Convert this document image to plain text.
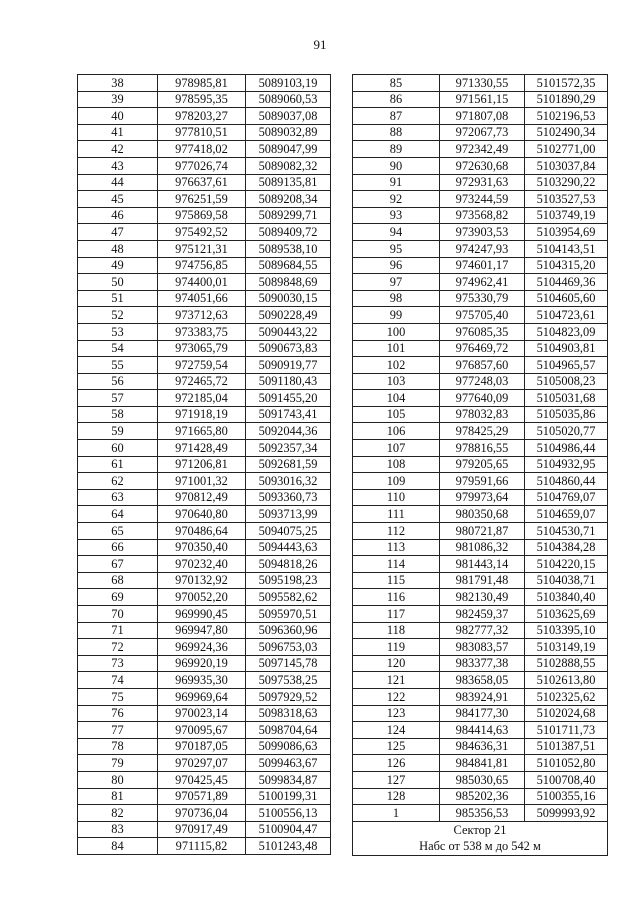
91
38	978985,81	5089103,19
39	978595,35	5089060,53
40	978203,27	5089037,08
41	977810,51	5089032,89
42	977418,02	5089047,99
43	977026,74	5089082,32
44	976637,61	5089135,81
45	976251,59	5089208,34
46	975869,58	5089299,71
47	975492,52	5089409,72
48	975121,31	5089538,10
49	974756,85	5089684,55
50	974400,01	5089848,69
51	974051,66	5090030,15
52	973712,63	5090228,49
53	973383,75	5090443,22
54	973065,79	5090673,83
55	972759,54	5090919,77
56	972465,72	5091180,43
57	972185,04	5091455,20
58	971918,19	5091743,41
59	971665,80	5092044,36
60	971428,49	5092357,34
61	971206,81	5092681,59
62	971001,32	5093016,32
63	970812,49	5093360,73
64	970640,80	5093713,99
65	970486,64	5094075,25
66	970350,40	5094443,63
67	970232,40	5094818,26
68	970132,92	5095198,23
69	970052,20	5095582,62
70	969990,45	5095970,51
71	969947,80	5096360,96
72	969924,36	5096753,03
73	969920,19	5097145,78
74	969935,30	5097538,25
75	969969,64	5097929,52
76	970023,14	5098318,63
77	970095,67	5098704,64
78	970187,05	5099086,63
79	970297,07	5099463,67
80	970425,45	5099834,87
81	970571,89	5100199,31
82	970736,04	5100556,13
83	970917,49	5100904,47
84	971115,82	5101243,48
85	971330,55	5101572,35
86	971561,15	5101890,29
87	971807,08	5102196,53
88	972067,73	5102490,34
89	972342,49	5102771,00
90	972630,68	5103037,84
91	972931,63	5103290,22
92	973244,59	5103527,53
93	973568,82	5103749,19
94	973903,53	5103954,69
95	974247,93	5104143,51
96	974601,17	5104315,20
97	974962,41	5104469,36
98	975330,79	5104605,60
99	975705,40	5104723,61
100	976085,35	5104823,09
101	976469,72	5104903,81
102	976857,60	5104965,57
103	977248,03	5105008,23
104	977640,09	5105031,68
105	978032,83	5105035,86
106	978425,29	5105020,77
107	978816,55	5104986,44
108	979205,65	5104932,95
109	979591,66	5104860,44
110	979973,64	5104769,07
111	980350,68	5104659,07
112	980721,87	5104530,71
113	981086,32	5104384,28
114	981443,14	5104220,15
115	981791,48	5104038,71
116	982130,49	5103840,40
117	982459,37	5103625,69
118	982777,32	5103395,10
119	983083,57	5103149,19
120	983377,38	5102888,55
121	983658,05	5102613,80
122	983924,91	5102325,62
123	984177,30	5102024,68
124	984414,63	5101711,73
125	984636,31	5101387,51
126	984841,81	5101052,80
127	985030,65	5100708,40
128	985202,36	5100355,16
1	985356,53	5099993,92

Сектор 21
Набс от 538 м до 542 м		
